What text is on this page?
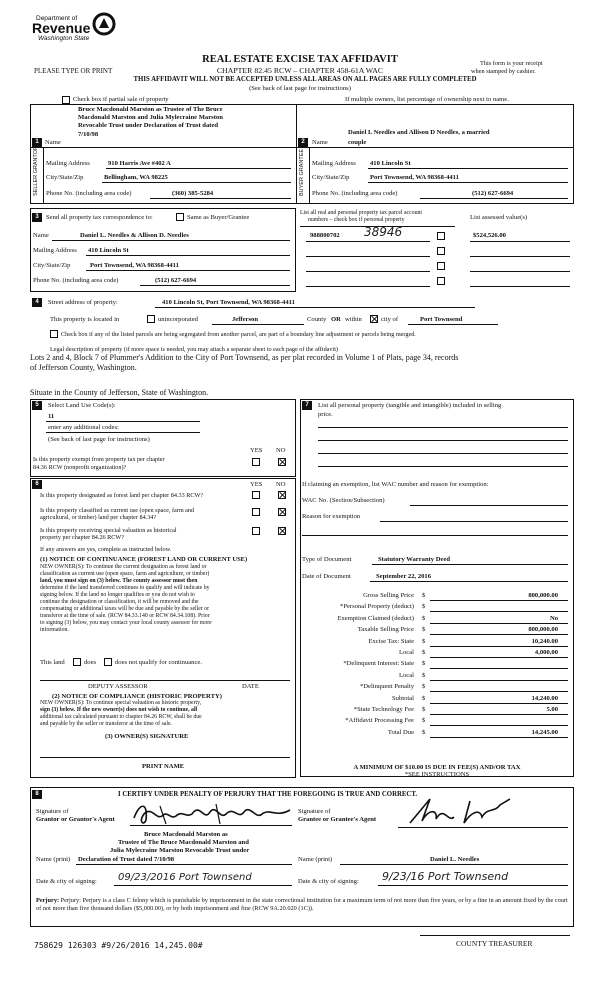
Department of
Revenue
Washington State
REAL ESTATE EXCISE TAX AFFIDAVIT
PLEASE TYPE OR PRINT	CHAPTER 82.45 RCW – CHAPTER 458-61A WAC
This form is your receipt
when stamped by cashier.
THIS AFFIDAVIT WILL NOT BE ACCEPTED UNLESS ALL AREAS ON ALL PAGES ARE FULLY COMPLETED
(See back of last page for instructions)
Check box if partial sale of property	If multiple owners, list percentage of ownership next to name.
1
Bruce Macdonald Marston as Trustee of The Bruce
Macdonald Marston and Julia Mylecraine Marston
Revocable Trust under Declaration of Trust dated
Name
7/10/98
SELLER GRANTOR Mailing Address	910 Harris Ave #402 A
City/State/Zip	Bellingham, WA 98225
Phone No. (including area code)	(360) 385-5284
2
Daniel L Needles and Allison D Needles, a married
Name	couple
BUYER GRANTEE Mailing Address 410 Lincoln St
City/State/Zip	Port Townsend, WA 98368-4411
Phone No. (including area code)	(512) 627-6694
3	Send all property tax correspondence to:	Same as Buyer/Grantee
Name	Daniel L. Needles & Allison D. Needles
Mailing Address 410 Lincoln St
City/State/Zip	Port Townsend, WA 98368-4411
Phone No. (including area code)	(512) 627-6694
List all real and personal property tax parcel account
numbers – check box if personal property	List assessed value(s)
988800702 38946	$524,526.00
4	Street address of property:	410 Lincoln St, Port Townsend, WA 98368-4411
This property is located in	unincorporated	Jefferson	County OR within	city of	Port Townsend
Check box if any of the listed parcels are being segregated from another parcel, are part of a boundary line adjustment or parcels being merged.
Legal description of property (if more space is needed, you may attach a separate sheet to each page of the affidavit)
Lots 2 and 4, Block 7 of Plummer's Addition to the City of Port Townsend, as per plat recorded in Volume 1 of Plats, page 34, records
of Jefferson County, Washington.
Situate in the County of Jefferson, State of Washington.
5	Select Land Use Code(s):
11
enter any additional codes:
(See back of last page for instructions)
YES NO
Is this property exempt from property tax per chapter
84.36 RCW (nonprofit organization)?
6	YES NO
Is this property designated as forest land per chapter 84.33 RCW?
Is this property classified as current use (open space, farm and
agricultural, or timber) land per chapter 84.34?
Is this property receiving special valuation as historical
property per chapter 84.26 RCW?
If any answers are yes, complete as instructed below.
(1) NOTICE OF CONTINUANCE (FOREST LAND OR CURRENT USE)
NEW OWNER(S): To continue the current designation as forest land or
classification as current use (open space, farm and agriculture, or timber)
land, you must sign on (3) below. The county assessor must then
determine if the land transferred continues to qualify and will indicate by
signing below. If the land no longer qualifies or you do not wish to
continue the designation or classification, it will be removed and the
compensating or additional taxes will be due and payable by the seller or
transferor at the time of sale. (RCW 84.33.140 or RCW 84.34.108). Prior
to signing (3) below, you may contact your local county assessor for more
information.
This land	does	does not qualify for continuance.
DEPUTY ASSESSOR	DATE
(2) NOTICE OF COMPLIANCE (HISTORIC PROPERTY)
NEW OWNER(S): To continue special valuation as historic property,
sign (3) below. If the new owner(s) does not wish to continue, all
additional tax calculated pursuant to chapter 84.26 RCW, shall be due
and payable by the seller or transferor at the time of sale.
(3) OWNER(S) SIGNATURE
PRINT NAME
7	List all personal property (tangible and intangible) included in selling
price.
If claiming an exemption, list WAC number and reason for exemption:
WAC No. (Section/Subsection)
Reason for exemption
Type of Document	Statutory Warranty Deed
Date of Document	September 22, 2016
Gross Selling Price $	800,000.00
*Personal Property (deduct) $
Exemption Claimed (deduct) $	No
Taxable Selling Price $	800,000.00
Excise Tax: State $	10,240.00
Local $	4,000.00
*Delinquent Interest: State $
Local $
*Delinquent Penalty $
Subtotal $	14,240.00
*State Technology Fee $	5.00
*Affidavit Processing Fee $
Total Due $	14,245.00
A MINIMUM OF $10.00 IS DUE IN FEE(S) AND/OR TAX
*SEE INSTRUCTIONS
8	I CERTIFY UNDER PENALTY OF PERJURY THAT THE FOREGOING IS TRUE AND CORRECT.
Signature of
Grantor or Grantor's Agent
Signature of
Grantee or Grantee's Agent
Bruce Macdonald Marston as
Trustee of The Bruce Macdonald Marston and
Julia Mylecraine Marston Revocable Trust under
Name (print) Declaration of Trust dated 7/10/98	Name (print)	Daniel L. Needles
Date & city of signing: 09/23/2016 Port Townsend	Date & city of signing: 9/23/16 Port Townsend
Perjury: Perjury: Perjury is a class C felony which is punishable by imprisonment in the state correctional institution for a maximum term of not more than five years, or by a fine in an amount fixed by the court of not more than five thousand dollars ($5,000.00), or by both imprisonment and fine (RCW 9A.20.020 (1C)).
758629 126303 #9/26/2016 14,245.00#	COUNTY TREASURER
